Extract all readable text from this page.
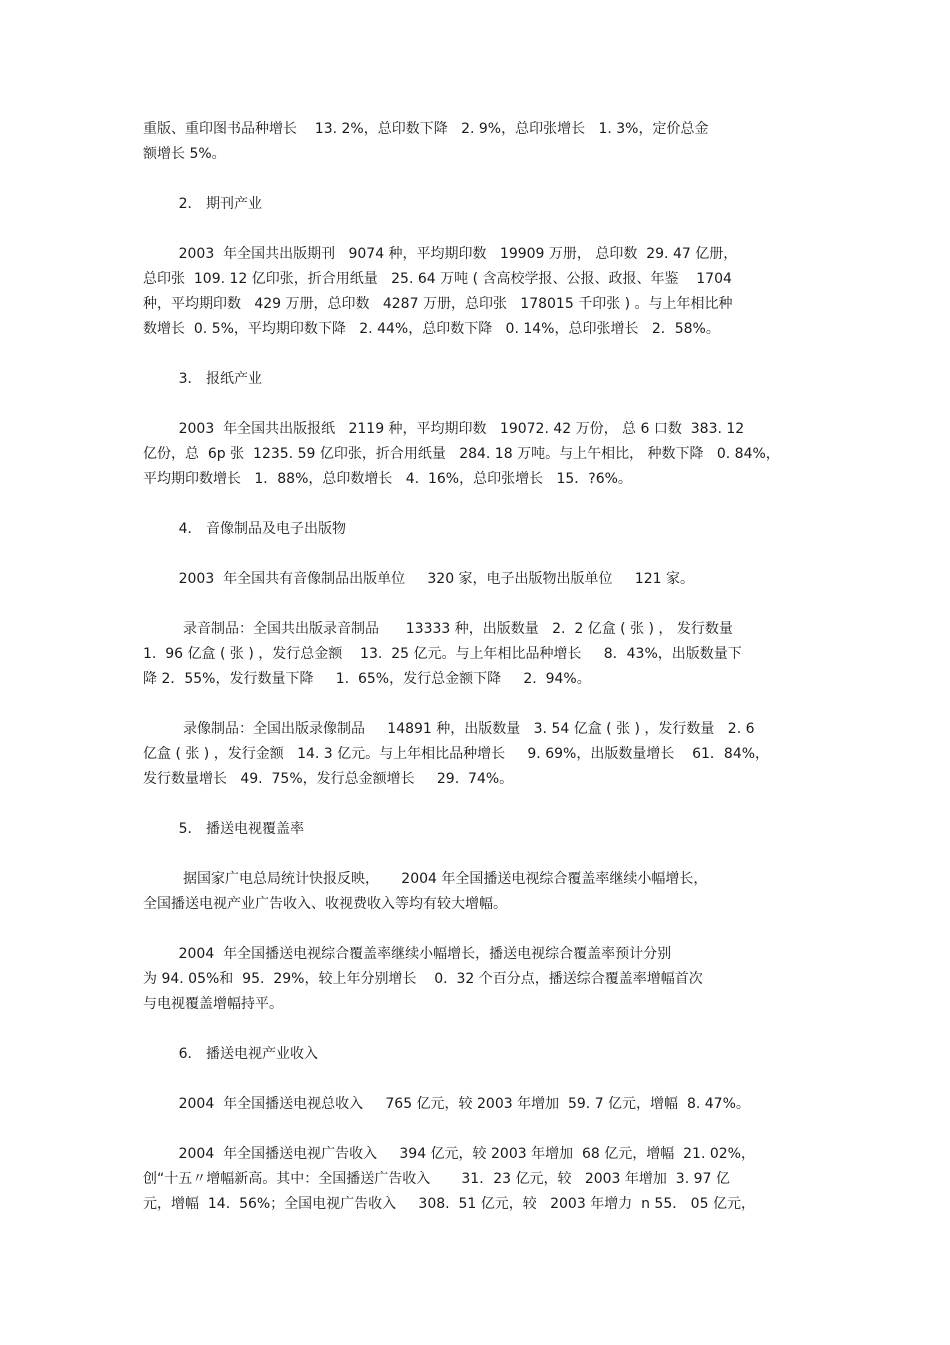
重版、重印图书品种增长    13. 2%，总印数下降   2. 9%，总印张增长   1. 3%，定价总金
额增长 5%。
2． 期刊产业
2003  年全国共出版期刊   9074 种，平均期印数   19909 万册， 总印数  29. 47 亿册，
总印张  109. 12 亿印张，折合用纸量   25. 64 万吨 ( 含高校学报、公报、政报、年鉴    1704
种，平均期印数   429 万册，总印数   4287 万册，总印张   178015 千印张 ) 。与上年相比种
数增长  0. 5%，平均期印数下降   2. 44%，总印数下降   0. 14%，总印张增长   2．58%。
3． 报纸产业
2003  年全国共出版报纸   2119 种，平均期印数   19072. 42 万份， 总 6 口数  383. 12
亿份，总  6p 张  1235. 59 亿印张，折合用纸量   284. 18 万吨。与上午相比， 种数下降   0. 84%，
平均期印数增长   1．88%，总印数增长   4.  16%，总印张增长   15．?6%。
4． 音像制品及电子出版物
2003  年全国共有音像制品出版单位     320 家，电子出版物出版单位     121 家。
录音制品：全国共出版录音制品      13333 种，出版数量   2.  2 亿盒 ( 张 ) ， 发行数量
1.  96 亿盒 ( 张 ) ，发行总金额    13.  25 亿元。与上年相比品种增长     8．43%，出版数量下
降 2．55%，发行数量下降     1.  65%，发行总金额下降     2.  94%。
录像制品：全国出版录像制品     14891 种，出版数量   3. 54 亿盒 ( 张 ) ，发行数量   2. 6
亿盒 ( 张 ) ，发行金额   14. 3 亿元。与上年相比品种增长     9. 69%，出版数量增长    61．84%，
发行数量增长   49.  75%，发行总金额增长     29.  74%。
5． 播送电视覆盖率
据国家广电总局统计快报反映，     2004 年全国播送电视综合覆盖率继续小幅增长，
全国播送电视产业广告收入、收视费收入等均有较大增幅。
2004  年全国播送电视综合覆盖率继续小幅增长，播送电视综合覆盖率预计分别
为 94. 05%和  95.  29%，较上年分别增长    0.  32 个百分点，播送综合覆盖率增幅首次
与电视覆盖增幅持平。
6． 播送电视产业收入
2004  年全国播送电视总收入     765 亿元，较 2003 年增加  59. 7 亿元，增幅  8. 47%。
2004  年全国播送电视广告收入     394 亿元，较 2003 年增加  68 亿元，增幅  21. 02%，
创“十五〃增幅新高。其中：全国播送广告收入       31．23 亿元，较   2003 年增加  3. 97 亿
元，增幅  14.  56%；全国电视广告收入     308.  51 亿元，较   2003 年增力  n 55． 05 亿元，
